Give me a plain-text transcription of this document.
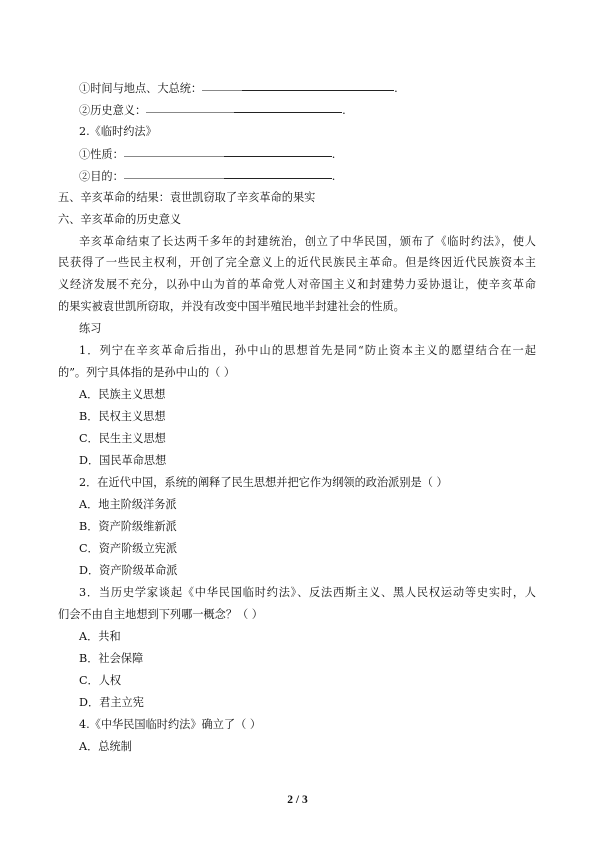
①时间与地点、大总统：	.
②历史意义：	.
2.《临时约法》
①性质：	.
②目的：	.
五、辛亥革命的结果：袁世凯窃取了辛亥革命的果实
六、辛亥革命的历史意义
辛亥革命结束了长达两千多年的封建统治，创立了中华民国，颁布了《临时约法》，使人
民获得了一些民主权利，开创了完全意义上的近代民族民主革命。但是终因近代民族资本主
义经济发展不充分，以孙中山为首的革命党人对帝国主义和封建势力妥协退让，使辛亥革命
的果实被袁世凯所窃取，并没有改变中国半殖民地半封建社会的性质。
练习
1．列宁在辛亥革命后指出，孙中山的思想首先是同“防止资本主义的愿望结合在一起
的”。列宁具体指的是孙中山的（ ）
A．民族主义思想
B．民权主义思想
C．民生主义思想
D．国民革命思想
2．在近代中国，系统的阐释了民生思想并把它作为纲领的政治派别是（ ）
A．地主阶级洋务派
B．资产阶级维新派
C．资产阶级立宪派
D．资产阶级革命派
3．当历史学家谈起《中华民国临时约法》、反法西斯主义、黑人民权运动等史实时，人
们会不由自主地想到下列哪一概念？（ ）
A．共和
B．社会保障
C．人权
D．君主立宪
4.《中华民国临时约法》确立了（ ）
A．总统制
2 / 3
